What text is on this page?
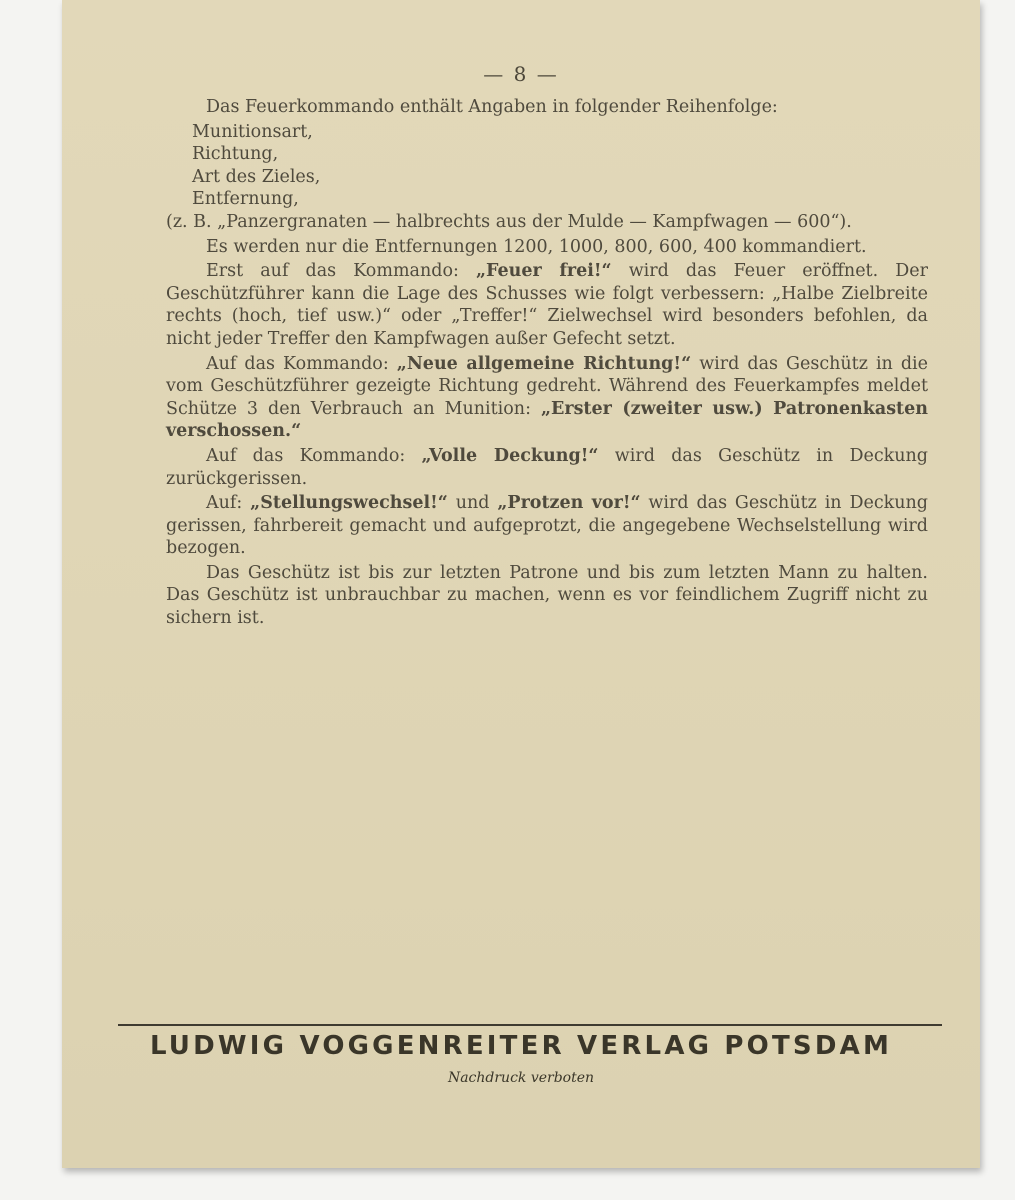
— 8 —

Das Feuerkommando enthält Angaben in folgender Reihenfolge:

Munitionsart,
Richtung,
Art des Zieles,
Entfernung,

(z. B. „Panzergranaten — halbrechts aus der Mulde — Kampfwagen — 600“).

Es werden nur die Entfernungen 1200, 1000, 800, 600, 400 kommandiert.

Erst auf das Kommando: „Feuer frei!“ wird das Feuer eröffnet. Der Geschützführer kann die Lage des Schusses wie folgt verbessern: „Halbe Zielbreite rechts (hoch, tief usw.)“ oder „Treffer!“ Zielwechsel wird besonders befohlen, da nicht jeder Treffer den Kampfwagen außer Gefecht setzt.

Auf das Kommando: „Neue allgemeine Richtung!“ wird das Geschütz in die vom Geschützführer gezeigte Richtung gedreht. Während des Feuerkampfes meldet Schütze 3 den Verbrauch an Munition: „Erster (zweiter usw.) Patronenkasten verschossen.“

Auf das Kommando: „Volle Deckung!“ wird das Geschütz in Deckung zurückgerissen.

Auf: „Stellungswechsel!“ und „Protzen vor!“ wird das Geschütz in Deckung gerissen, fahrbereit gemacht und aufgeprotzt, die angegebene Wechselstellung wird bezogen.

Das Geschütz ist bis zur letzten Patrone und bis zum letzten Mann zu halten. Das Geschütz ist unbrauchbar zu machen, wenn es vor feindlichem Zugriff nicht zu sichern ist.

LUDWIG VOGGENREITER VERLAG POTSDAM
Nachdruck verboten
